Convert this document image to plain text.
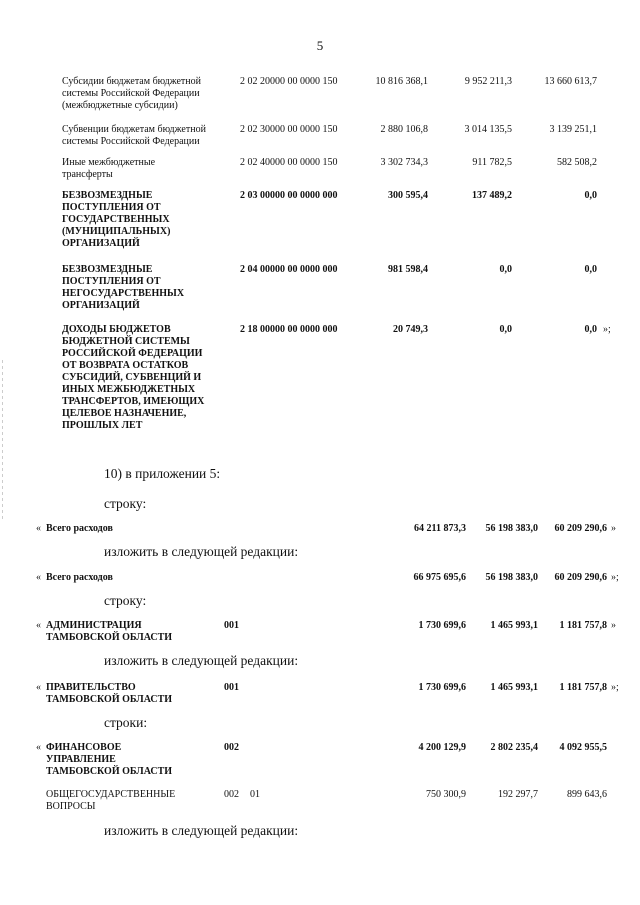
5
Субсидии бюджетам бюджетной
системы Российской Федерации
(межбюджетные субсидии)
2 02 20000 00 0000 150	10 816 368,1	9 952 211,3	13 660 613,7
Субвенции бюджетам бюджетной
системы Российской Федерации
2 02 30000 00 0000 150	2 880 106,8	3 014 135,5	3 139 251,1
Иные межбюджетные
трансферты
2 02 40000 00 0000 150	3 302 734,3	911 782,5	582 508,2
БЕЗВОЗМЕЗДНЫЕ
ПОСТУПЛЕНИЯ ОТ
ГОСУДАРСТВЕННЫХ
(МУНИЦИПАЛЬНЫХ)
ОРГАНИЗАЦИЙ
2 03 00000 00 0000 000	300 595,4	137 489,2	0,0
БЕЗВОЗМЕЗДНЫЕ
ПОСТУПЛЕНИЯ ОТ
НЕГОСУДАРСТВЕННЫХ
ОРГАНИЗАЦИЙ
2 04 00000 00 0000 000	981 598,4	0,0	0,0
ДОХОДЫ БЮДЖЕТОВ
БЮДЖЕТНОЙ СИСТЕМЫ
РОССИЙСКОЙ ФЕДЕРАЦИИ
ОТ ВОЗВРАТА ОСТАТКОВ
СУБСИДИЙ, СУБВЕНЦИЙ И
ИНЫХ МЕЖБЮДЖЕТНЫХ
ТРАНСФЕРТОВ, ИМЕЮЩИХ
ЦЕЛЕВОЕ НАЗНАЧЕНИЕ,
ПРОШЛЫХ ЛЕТ
2 18 00000 00 0000 000	20 749,3	0,0	0,0 »;
10) в приложении 5:
строку:
« Всего расходов	64 211 873,3	56 198 383,0	60 209 290,6 »
изложить в следующей редакции:
« Всего расходов	66 975 695,6	56 198 383,0	60 209 290,6 »;
строку:
« АДМИНИСТРАЦИЯ
ТАМБОВСКОЙ ОБЛАСТИ
001	1 730 699,6	1 465 993,1	1 181 757,8 »
изложить в следующей редакции:
« ПРАВИТЕЛЬСТВО
ТАМБОВСКОЙ ОБЛАСТИ
001	1 730 699,6	1 465 993,1	1 181 757,8 »;
строки:
« ФИНАНСОВОЕ
УПРАВЛЕНИЕ
ТАМБОВСКОЙ ОБЛАСТИ
002	4 200 129,9	2 802 235,4	4 092 955,5
ОБЩЕГОСУДАРСТВЕННЫЕ
ВОПРОСЫ
002 01	750 300,9	192 297,7	899 643,6
изложить в следующей редакции:
